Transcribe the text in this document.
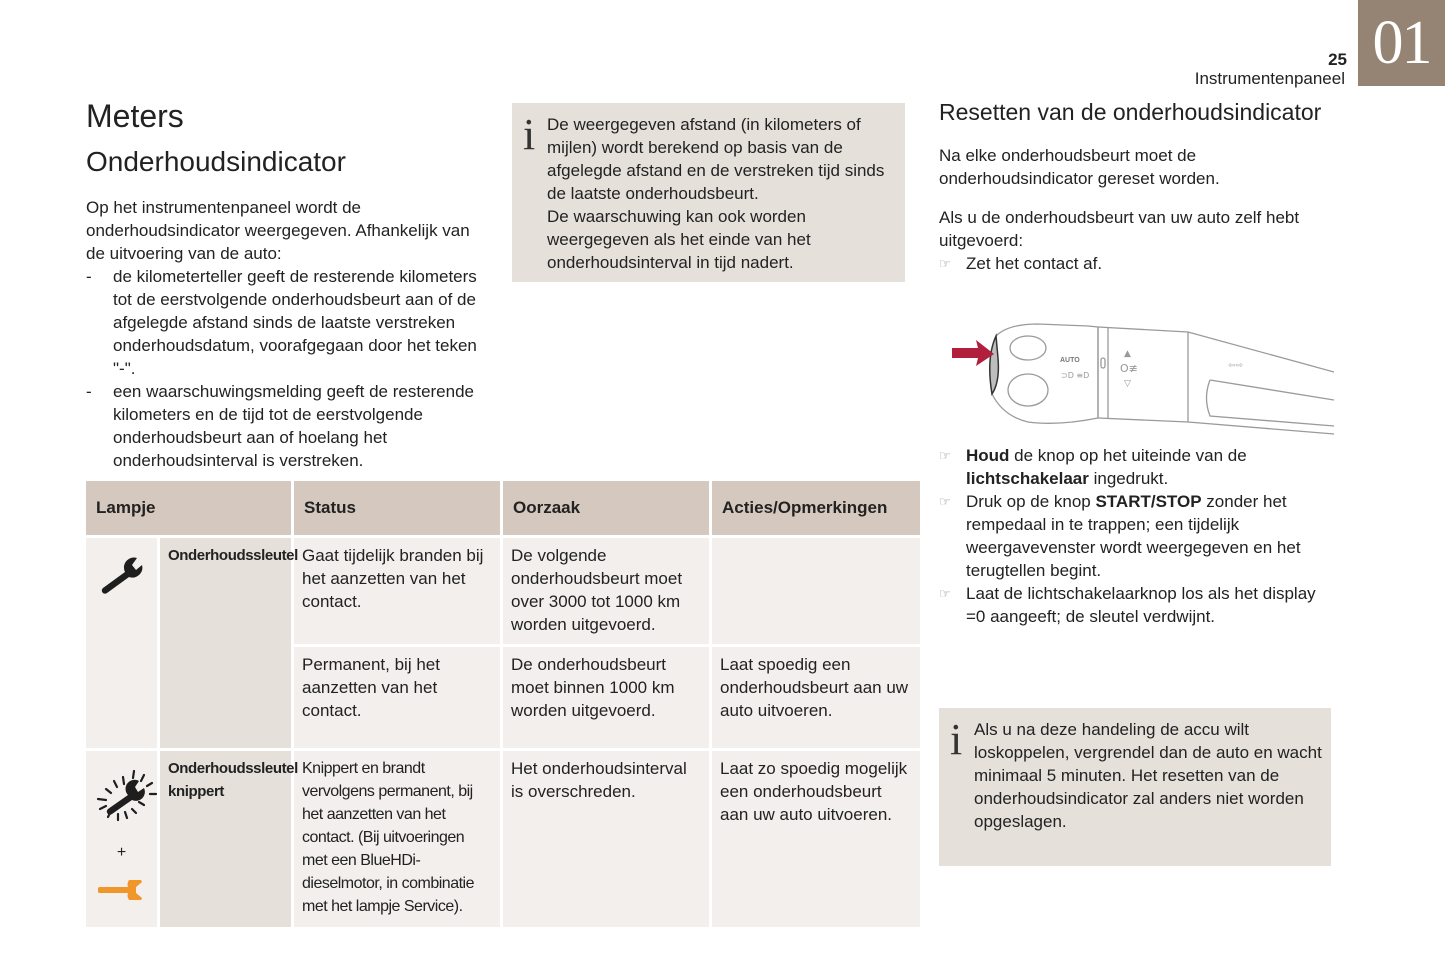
01
25
Instrumentenpaneel
Meters
Onderhoudsindicator

Op het instrumentenpaneel wordt de onderhoudsindicator weergegeven. Afhankelijk van de uitvoering van de auto:

- de kilometerteller geeft de resterende kilometers tot de eerstvolgende onderhoudsbeurt aan of de afgelegde afstand sinds de laatste verstreken onderhoudsdatum, voorafgegaan door het teken "-".
- een waarschuwingsmelding geeft de resterende kilometers en de tijd tot de eerstvolgende onderhoudsbeurt aan of hoelang het onderhoudsinterval is verstreken.
i De weergegeven afstand (in kilometers of mijlen) wordt berekend op basis van de afgelegde afstand en de verstreken tijd sinds de laatste onderhoudsbeurt.

De waarschuwing kan ook worden weergegeven als het einde van het onderhoudsinterval in tijd nadert.

Lampje		Status	Oorzaak	Acties/Opmerkingen
	Onderhoudssleutel	Gaat tijdelijk branden bij het aanzetten van het contact.	De volgende onderhoudsbeurt moet over 3000 tot 1000 km worden uitgevoerd.	
		Permanent, bij het aanzetten van het contact.	De onderhoudsbeurt moet binnen 1000 km worden uitgevoerd.	Laat spoedig een onderhoudsbeurt aan uw auto uitvoeren.

+	Onderhoudssleutel knippert	Knippert en brandt vervolgens permanent, bij het aanzetten van het contact. (Bij uitvoeringen met een BlueHDi-dieselmotor, in combinatie met het lampje Service).	Het onderhoudsinterval is overschreden.	Laat zo spoedig mogelijk een onderhoudsbeurt aan uw auto uitvoeren.
Resetten van de onderhoudsindicator

Na elke onderhoudsbeurt moet de onderhoudsindicator gereset worden.

Als u de onderhoudsbeurt van uw auto zelf hebt uitgevoerd:

☞ Zet het contact af.
AUTO
⊃D ≡D
▲
O≢
▽
⇦⇨
☞ Houd de knop op het uiteinde van de lichtschakelaar ingedrukt.
☞ Druk op de knop START/STOP zonder het rempedaal in te trappen; een tijdelijk weergavevenster wordt weergegeven en het terugtellen begint.
☞ Laat de lichtschakelaarknop los als het display =0 aangeeft; de sleutel verdwijnt.
i Als u na deze handeling de accu wilt loskoppelen, vergrendel dan de auto en wacht minimaal 5 minuten. Het resetten van de onderhoudsindicator zal anders niet worden opgeslagen.
